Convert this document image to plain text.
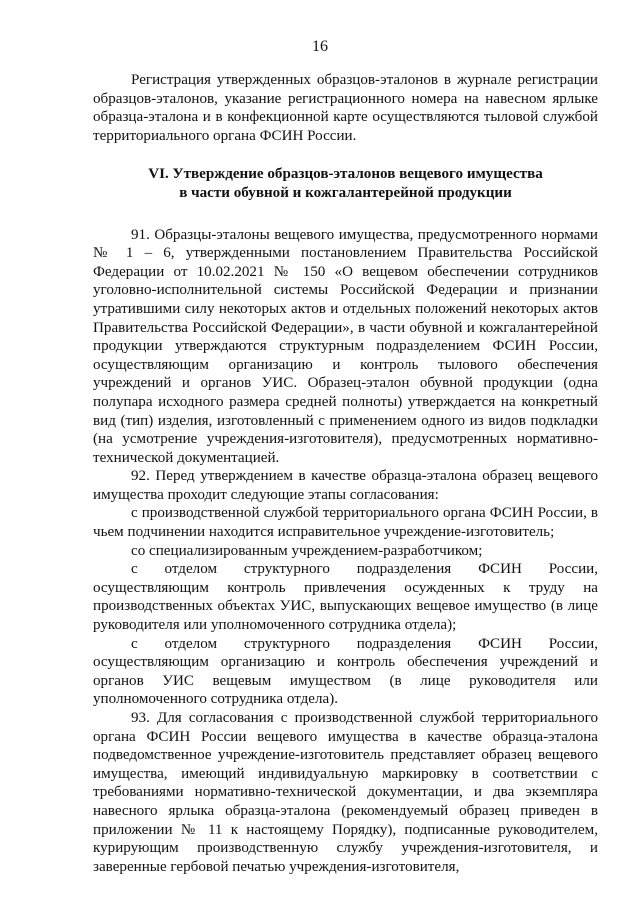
16

Регистрация утвержденных образцов-эталонов в журнале регистрации образцов-эталонов, указание регистрационного номера на навесном ярлыке образца-эталона и в конфекционной карте осуществляются тыловой службой территориального органа ФСИН России.

VI. Утверждение образцов-эталонов вещевого имущества
в части обувной и кожгалантерейной продукции

91. Образцы-эталоны вещевого имущества, предусмотренного нормами № 1 – 6, утвержденными постановлением Правительства Российской Федерации от 10.02.2021 № 150 «О вещевом обеспечении сотрудников уголовно-исполнительной системы Российской Федерации и признании утратившими силу некоторых актов и отдельных положений некоторых актов Правительства Российской Федерации», в части обувной и кожгалантерейной продукции утверждаются структурным подразделением ФСИН России, осуществляющим организацию и контроль тылового обеспечения учреждений и органов УИС. Образец-эталон обувной продукции (одна полупара исходного размера средней полноты) утверждается на конкретный вид (тип) изделия, изготовленный с применением одного из видов подкладки (на усмотрение учреждения-изготовителя), предусмотренных нормативно-технической документацией.

92. Перед утверждением в качестве образца-эталона образец вещевого имущества проходит следующие этапы согласования:

с производственной службой территориального органа ФСИН России, в чьем подчинении находится исправительное учреждение-изготовитель;

со специализированным учреждением-разработчиком;

с отделом структурного подразделения ФСИН России, осуществляющим контроль привлечения осужденных к труду на производственных объектах УИС, выпускающих вещевое имущество (в лице руководителя или уполномоченного сотрудника отдела);

с отделом структурного подразделения ФСИН России, осуществляющим организацию и контроль обеспечения учреждений и органов УИС вещевым имуществом (в лице руководителя или уполномоченного сотрудника отдела).

93. Для согласования с производственной службой территориального органа ФСИН России вещевого имущества в качестве образца-эталона подведомственное учреждение-изготовитель представляет образец вещевого имущества, имеющий индивидуальную маркировку в соответствии с требованиями нормативно-технической документации, и два экземпляра навесного ярлыка образца-эталона (рекомендуемый образец приведен в приложении № 11 к настоящему Порядку), подписанные руководителем, курирующим производственную службу учреждения-изготовителя, и заверенные гербовой печатью учреждения-изготовителя,
